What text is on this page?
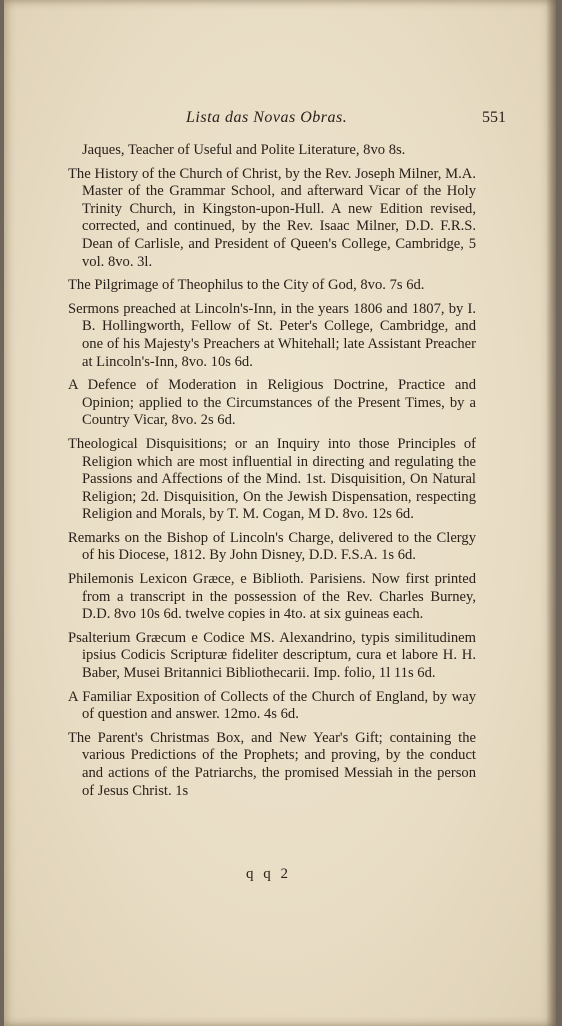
Lista das Novas Obras.	551

Jaques, Teacher of Useful and Polite Literature, 8vo 8s.

The History of the Church of Christ, by the Rev. Joseph Milner, M.A. Master of the Grammar School, and afterward Vicar of the Holy Trinity Church, in Kingston-upon-Hull. A new Edition revised, corrected, and continued, by the Rev. Isaac Milner, D.D. F.R.S. Dean of Carlisle, and President of Queen's College, Cambridge, 5 vol. 8vo. 3l.

The Pilgrimage of Theophilus to the City of God, 8vo. 7s 6d.

Sermons preached at Lincoln's-Inn, in the years 1806 and 1807, by I. B. Hollingworth, Fellow of St. Peter's College, Cambridge, and one of his Majesty's Preachers at Whitehall; late Assistant Preacher at Lincoln's-Inn, 8vo. 10s 6d.

A Defence of Moderation in Religious Doctrine, Practice and Opinion; applied to the Circumstances of the Present Times, by a Country Vicar, 8vo. 2s 6d.

Theological Disquisitions; or an Inquiry into those Principles of Religion which are most influential in directing and regulating the Passions and Affections of the Mind. 1st. Disquisition, On Natural Religion; 2d. Disquisition, On the Jewish Dispensation, respecting Religion and Morals, by T. M. Cogan, M D. 8vo. 12s 6d.

Remarks on the Bishop of Lincoln's Charge, delivered to the Clergy of his Diocese, 1812. By John Disney, D.D. F.S.A. 1s 6d.

Philemonis Lexicon Græce, e Biblioth. Parisiens. Now first printed from a transcript in the possession of the Rev. Charles Burney, D.D. 8vo 10s 6d. twelve copies in 4to. at six guineas each.

Psalterium Græcum e Codice MS. Alexandrino, typis similitudinem ipsius Codicis Scripturæ fideliter descriptum, cura et labore H. H. Baber, Musei Britannici Bibliothecarii. Imp. folio, 1l 11s 6d.

A Familiar Exposition of Collects of the Church of England, by way of question and answer. 12mo. 4s 6d.

The Parent's Christmas Box, and New Year's Gift; containing the various Predictions of the Prophets; and proving, by the conduct and actions of the Patriarchs, the promised Messiah in the person of Jesus Christ. 1s

q q 2
